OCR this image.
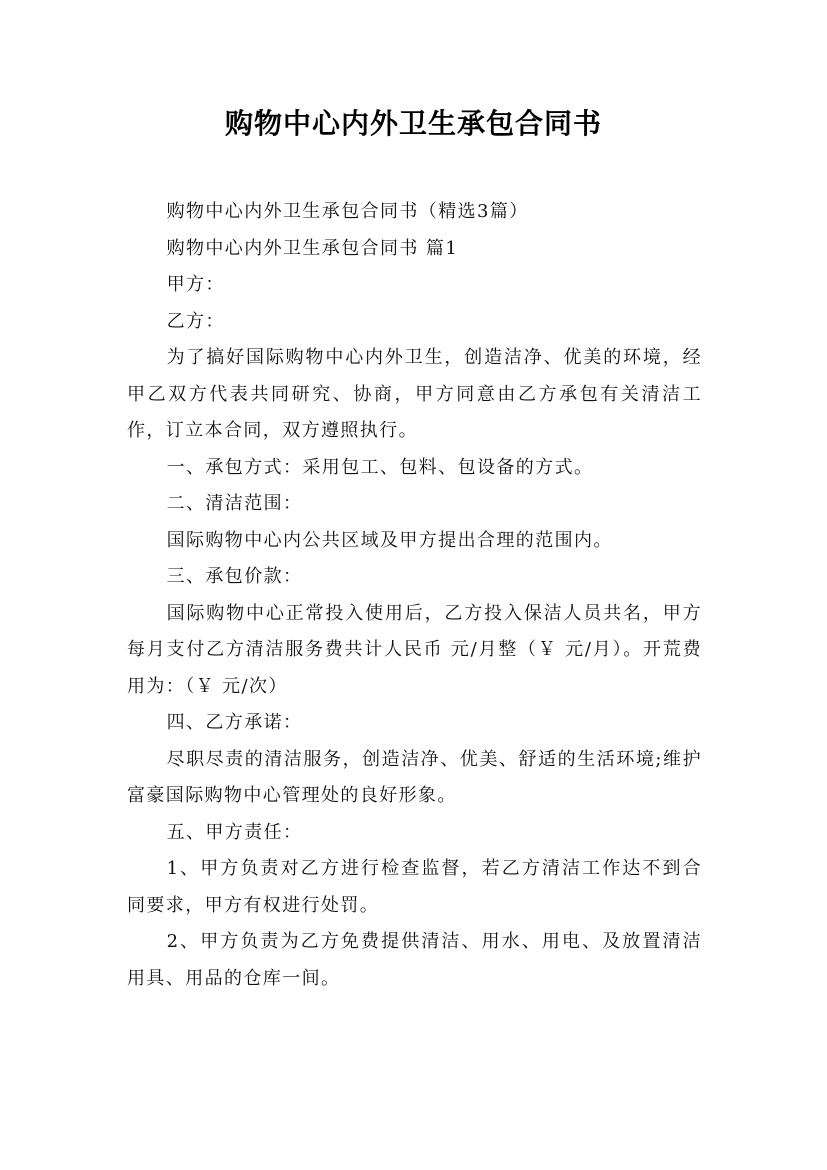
购物中心内外卫生承包合同书

购物中心内外卫生承包合同书（精选3篇）

购物中心内外卫生承包合同书 篇1

甲方：

乙方：

为了搞好国际购物中心内外卫生，创造洁净、优美的环境，经甲乙双方代表共同研究、协商，甲方同意由乙方承包有关清洁工作，订立本合同，双方遵照执行。

一、承包方式：采用包工、包料、包设备的方式。

二、清洁范围：

国际购物中心内公共区域及甲方提出合理的范围内。

三、承包价款：

国际购物中心正常投入使用后，乙方投入保洁人员共名，甲方每月支付乙方清洁服务费共计人民币 元/月整（￥ 元/月）。开荒费用为：（￥ 元/次）

四、乙方承诺：

尽职尽责的清洁服务，创造洁净、优美、舒适的生活环境;维护富豪国际购物中心管理处的良好形象。

五、甲方责任：

1、甲方负责对乙方进行检查监督，若乙方清洁工作达不到合同要求，甲方有权进行处罚。

2、甲方负责为乙方免费提供清洁、用水、用电、及放置清洁用具、用品的仓库一间。
